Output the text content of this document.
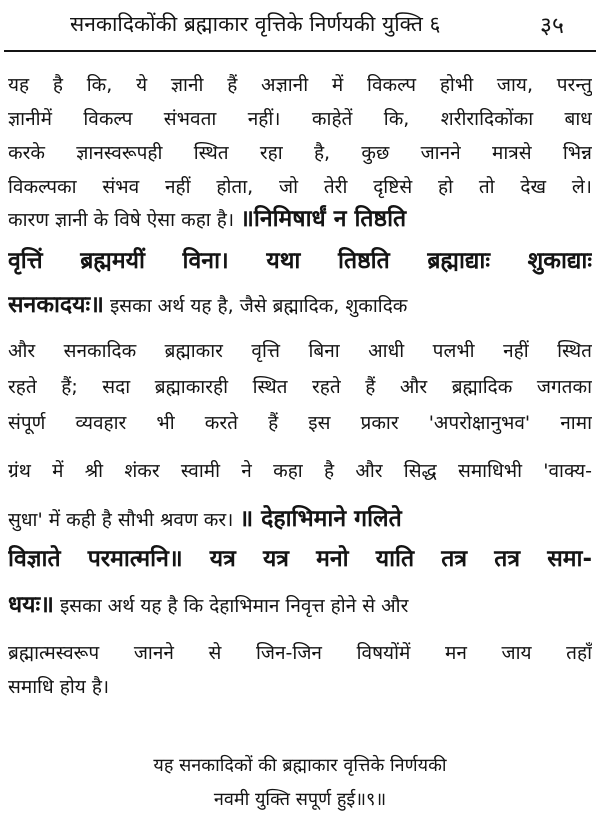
सनकादिकोंकी ब्रह्माकार वृत्तिके निर्णयकी युक्ति ६	३५
यह है कि, ये ज्ञानी हैं अज्ञानी में विकल्प होभी जाय, परन्तु
ज्ञानीमें विकल्प संभवता नहीं। काहेतें कि, शरीरादिकोंका बाध
करके ज्ञानस्वरूपही स्थित रहा है, कुछ जानने मात्रसे भिन्न
विकल्पका संभव नहीं होता, जो तेरी दृष्टिसे हो तो देख ले।
कारण ज्ञानी के विषे ऐसा कहा है। ॥निमिषार्धं न तिष्ठति
वृत्तिं ब्रह्ममयीं विना। यथा तिष्ठति ब्रह्माद्याः शुकाद्याः
सनकादयः॥ इसका अर्थ यह है, जैसे ब्रह्मादिक, शुकादिक
और सनकादिक ब्रह्माकार वृत्ति बिना आधी पलभी नहीं स्थित
रहते हैं; सदा ब्रह्माकारही स्थित रहते हैं और ब्रह्मादिक जगतका
संपूर्ण व्यवहार भी करते हैं इस प्रकार 'अपरोक्षानुभव' नामा
ग्रंथ में श्री शंकर स्वामी ने कहा है और सिद्ध समाधिभी 'वाक्य-
सुधा' में कही है सौभी श्रवण कर। ॥ देहाभिमाने गलिते
विज्ञाते परमात्मनि॥ यत्र यत्र मनो याति तत्र तत्र समा-
धयः॥ इसका अर्थ यह है कि देहाभिमान निवृत्त होने से और
ब्रह्मात्मस्वरूप जानने से जिन-जिन विषयोंमें मन जाय तहाँ
समाधि होय है।
यह सनकादिकों की ब्रह्माकार वृत्तिके निर्णयकी
नवमी युक्ति सपूर्ण हुई॥९॥
